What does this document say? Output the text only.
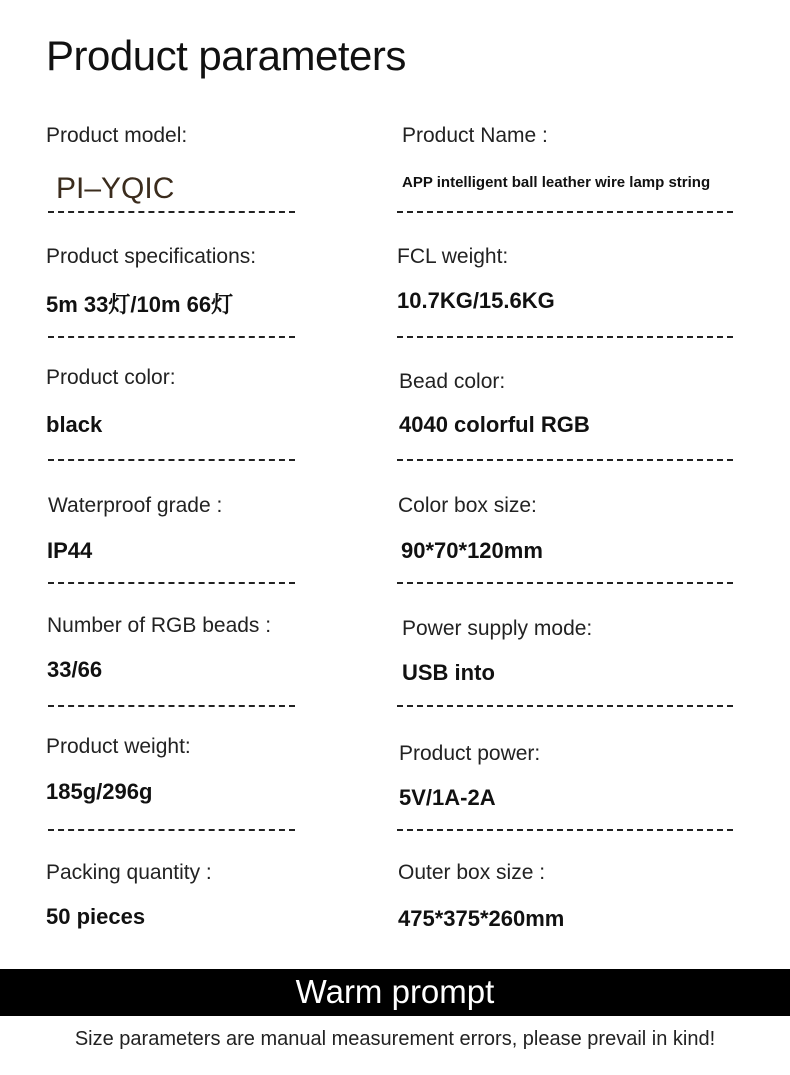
Product parameters
Product model:
PI–YQIC
Product Name :
APP intelligent ball leather wire lamp string
Product specifications:
5m 33灯/10m 66灯
FCL weight:
10.7KG/15.6KG
Product color:
black
Bead color:
4040 colorful RGB
Waterproof grade :
IP44
Color box size:
90*70*120mm
Number of RGB beads :
33/66
Power supply mode:
USB into
Product weight:
185g/296g
Product power:
5V/1A-2A
Packing quantity :
50 pieces
Outer box size :
475*375*260mm
Warm prompt
Size parameters are manual measurement errors, please prevail in kind!
